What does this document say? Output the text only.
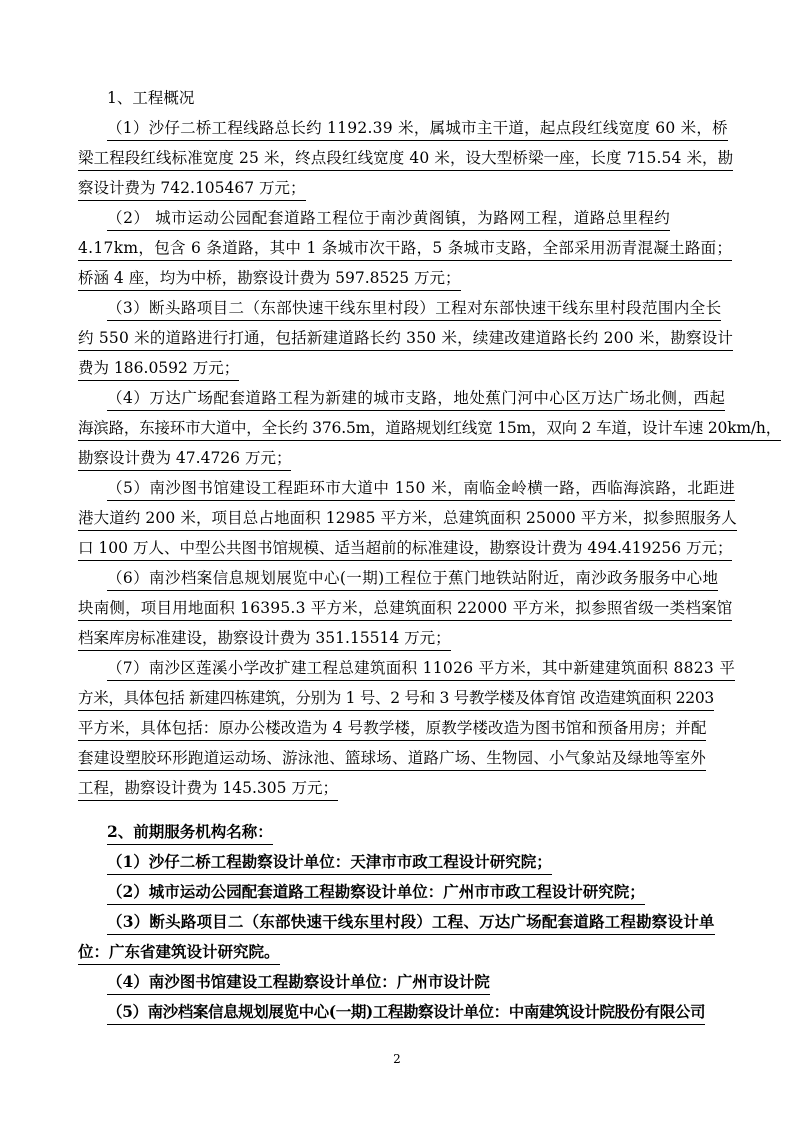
1、工程概况
（1）沙仔二桥工程线路总长约 1192.39 米，属城市主干道，起点段红线宽度 60 米，桥
梁工程段红线标准宽度 25 米，终点段红线宽度 40 米，设大型桥梁一座，长度 715.54 米，勘
察设计费为 742.105467 万元；
（2） 城市运动公园配套道路工程位于南沙黄阁镇，为路网工程，道路总里程约
4.17km，包含 6 条道路，其中 1 条城市次干路，5 条城市支路，全部采用沥青混凝土路面；
桥涵 4 座，均为中桥，勘察设计费为 597.8525 万元；
（3）断头路项目二（东部快速干线东里村段）工程对东部快速干线东里村段范围内全长
约 550 米的道路进行打通，包括新建道路长约 350 米，续建改建道路长约 200 米，勘察设计
费为 186.0592 万元；
（4）万达广场配套道路工程为新建的城市支路，地处蕉门河中心区万达广场北侧，西起
海滨路，东接环市大道中，全长约 376.5m，道路规划红线宽 15m，双向 2 车道，设计车速 20km/h，
勘察设计费为 47.4726 万元；
（5）南沙图书馆建设工程距环市大道中 150 米，南临金岭横一路，西临海滨路，北距进
港大道约 200 米，项目总占地面积 12985 平方米，总建筑面积 25000 平方米，拟参照服务人
口 100 万人、中型公共图书馆规模、适当超前的标准建设，勘察设计费为 494.419256 万元；
（6）南沙档案信息规划展览中心(一期)工程位于蕉门地铁站附近，南沙政务服务中心地
块南侧，项目用地面积 16395.3 平方米，总建筑面积 22000 平方米，拟参照省级一类档案馆
档案库房标准建设，勘察设计费为 351.15514 万元；
（7）南沙区莲溪小学改扩建工程总建筑面积 11026 平方米，其中新建建筑面积 8823 平
方米，具体包括 新建四栋建筑，分别为 1 号、2 号和 3 号教学楼及体育馆 改造建筑面积 2203
平方米，具体包括：原办公楼改造为 4 号教学楼，原教学楼改造为图书馆和预备用房；并配
套建设塑胶环形跑道运动场、游泳池、篮球场、道路广场、生物园、小气象站及绿地等室外
工程，勘察设计费为 145.305 万元；
2、前期服务机构名称：
（1）沙仔二桥工程勘察设计单位：天津市市政工程设计研究院；
（2）城市运动公园配套道路工程勘察设计单位：广州市市政工程设计研究院；
（3）断头路项目二（东部快速干线东里村段）工程、万达广场配套道路工程勘察设计单
位：广东省建筑设计研究院。
（4）南沙图书馆建设工程勘察设计单位：广州市设计院
（5）南沙档案信息规划展览中心(一期)工程勘察设计单位：中南建筑设计院股份有限公司
2
